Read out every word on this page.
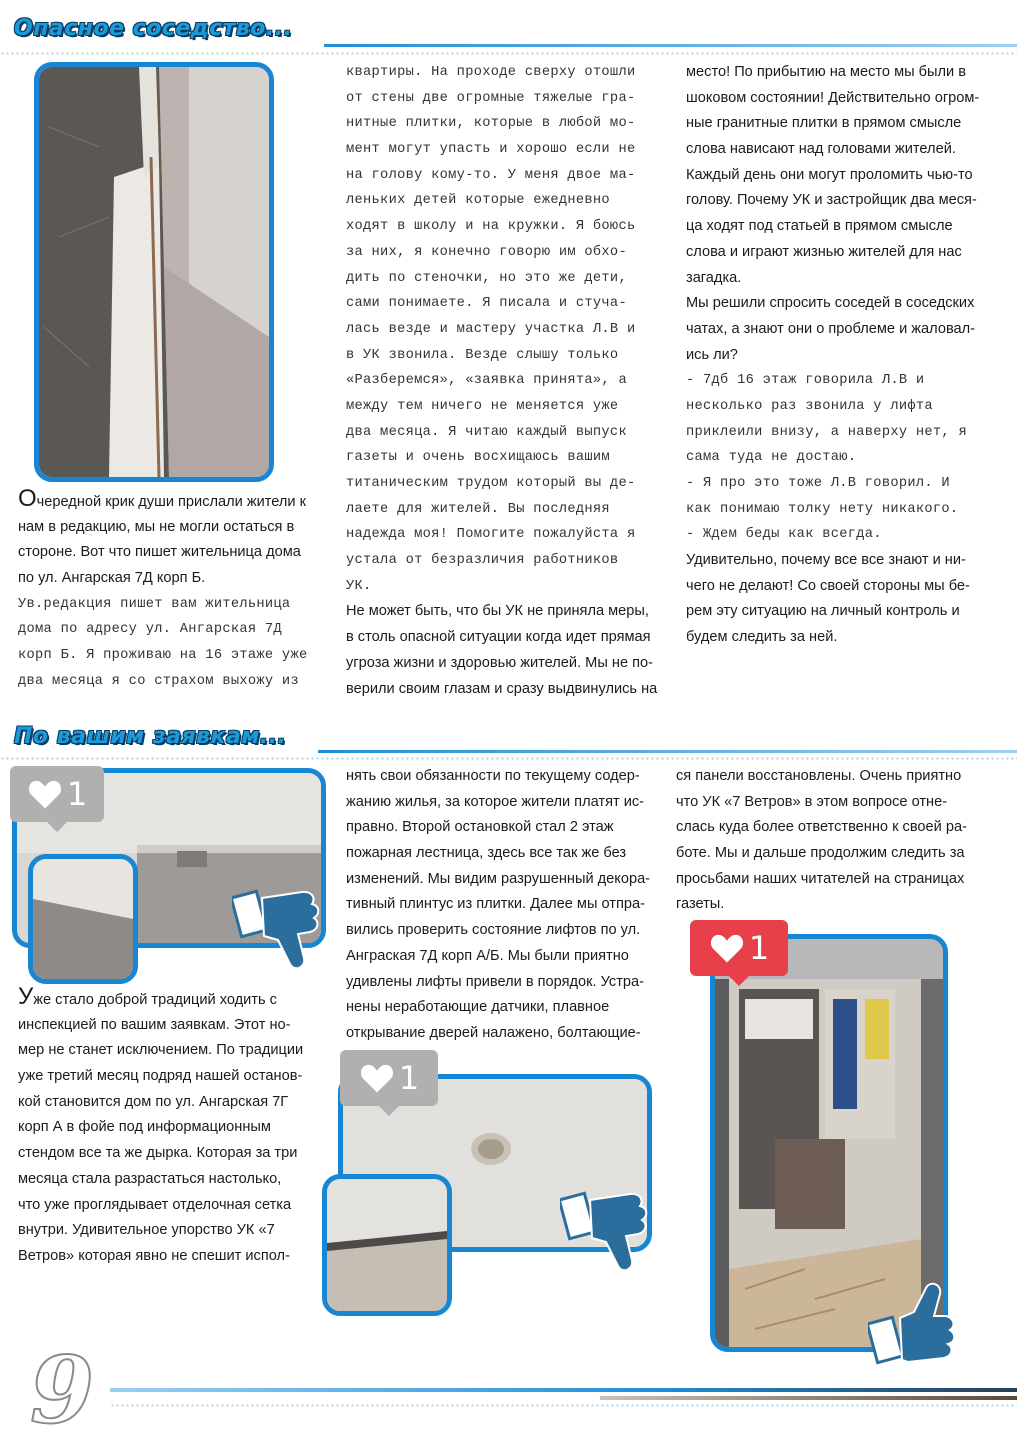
Опасное соседство...
Очередной крик души прислали жители к
нам в редакцию, мы не могли остаться в
стороне. Вот что пишет жительница дома
по ул. Ангарская 7Д корп Б.
Ув.редакция пишет вам жительница
дома по адресу ул. Ангарская 7Д
корп Б. Я проживаю на 16 этаже уже
два месяца я со страхом выхожу из
квартиры. На проходе сверху отошли
от стены две огромные тяжелые гра-
нитные плитки, которые в любой мо-
мент могут упасть и хорошо если не
на голову кому-то. У меня двое ма-
леньких детей которые ежедневно
ходят в школу и на кружки. Я боюсь
за них, я конечно говорю им обхо-
дить по стеночки, но это же дети,
сами понимаете. Я писала и стуча-
лась везде и мастеру участка Л.В и
в УК звонила. Везде слышу только
«Разберемся», «заявка принята», а
между тем ничего не меняется уже
два месяца. Я читаю каждый выпуск
газеты и очень восхищаюсь вашим
титаническим трудом который вы де-
лаете для жителей. Вы последняя
надежда моя! Помогите пожалуйста я
устала от безразличия работников
УК.
Не может быть, что бы УК не приняла меры,
в столь опасной ситуации когда идет прямая
угроза жизни и здоровью жителей. Мы не по-
верили своим глазам и сразу выдвинулись на
место! По прибытию на место мы были в
шоковом состоянии! Действительно огром-
ные гранитные плитки в прямом смысле
слова нависают над головами жителей.
Каждый день они могут проломить чью-то
голову. Почему УК и застройщик два меся-
ца ходят под статьей в прямом смысле
слова и играют жизнью жителей для нас
загадка.
Мы решили спросить соседей в соседских
чатах, а знают они о проблеме и жаловал-
ись ли?
- 7дб 16 этаж говорила Л.В и
несколько раз звонила у лифта
приклеили внизу, а наверху нет, я
сама туда не достаю.
- Я про это тоже Л.В говорил. И
как понимаю толку нету никакого.
- Ждем беды как всегда.
Удивительно, почему все все знают и ни-
чего не делают! Со своей стороны мы бе-
рем эту ситуацию на личный контроль и
будем следить за ней.
По вашим заявкам...
1
Уже стало доброй традиций ходить с
инспекцией по вашим заявкам. Этот но-
мер не станет исключением. По традиции
уже третий месяц подряд нашей останов-
кой становится дом по ул. Ангарская 7Г
корп А в фойе под информационным
стендом все та же дырка. Которая за три
месяца стала разрастаться настолько,
что уже проглядывает отделочная сетка
внутри. Удивительное упорство УК «7
Ветров» которая явно не спешит испол-
нять свои обязанности по текущему содер-
жанию жилья, за которое жители платят ис-
правно. Второй остановкой стал 2 этаж
пожарная лестница, здесь все так же без
изменений. Мы видим разрушенный декора-
тивный плинтус из плитки. Далее мы отпра-
вились проверить состояние лифтов по ул.
Анграская 7Д корп А/Б. Мы были приятно
удивлены лифты привели в порядок. Устра-
нены неработающие датчики, плавное
открывание дверей налажено, болтающие-
ся панели восстановлены. Очень приятно
что УК «7 Ветров» в этом вопросе отне-
слась куда более ответственно к своей ра-
боте. Мы и дальше продолжим следить за
просьбами наших читателей на страницах
газеты.
1
1
9
